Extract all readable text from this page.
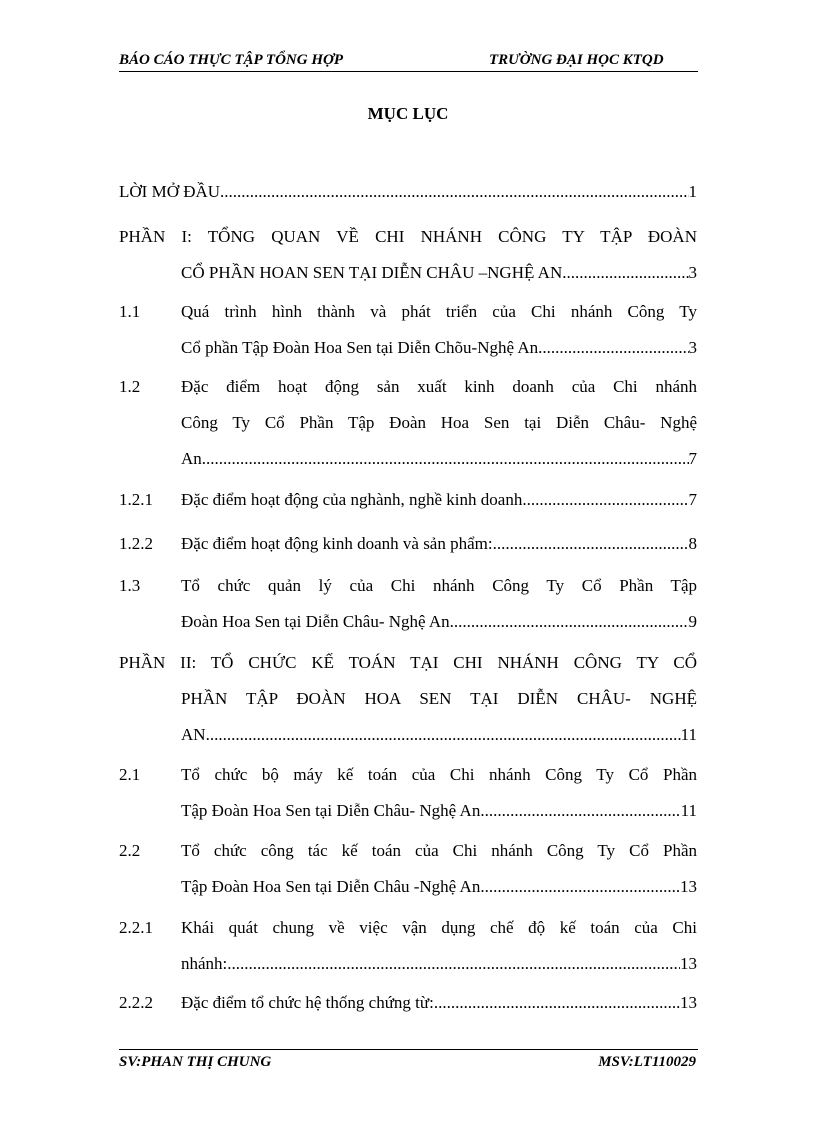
BÁO CÁO THỰC TẬP TỔNG HỢP	TRƯỜNG ĐẠI HỌC KTQD
MỤC LỤC
LỜI MỞ ĐẦU .....	1
PHẦN I: TỔNG QUAN VỀ CHI NHÁNH CÔNG TY TẬP ĐOÀN
CỔ PHẦN HOAN SEN TẠI DIỄN CHÂU –NGHỆ AN .....	3
1.1 Quá trình hình thành và phát triển của Chi nhánh Công Ty
Cổ phần Tập Đoàn Hoa Sen tại Diễn Chõu-Nghệ An .....	3
1.2 Đặc điểm hoạt động sản xuất kinh doanh của Chi nhánh
Công Ty Cổ Phần Tập Đoàn Hoa Sen tại Diễn Châu- Nghệ
An .....	7
1.2.1 Đặc điểm hoạt động của nghành, nghề kinh doanh .....	7
1.2.2 Đặc điểm hoạt động kinh doanh và sản phẩm: .....	8
1.3 Tổ chức quản lý của Chi nhánh Công Ty Cổ Phần Tập
Đoàn Hoa Sen tại Diễn Châu- Nghệ An .....	9
PHẦN II: TỔ CHỨC KẾ TOÁN TẠI CHI NHÁNH CÔNG TY CỔ
PHẦN TẬP ĐOÀN HOA SEN TẠI DIỄN CHÂU- NGHỆ
AN .....	11
2.1 Tổ chức bộ máy kế toán của Chi nhánh Công Ty Cổ Phần
Tập Đoàn Hoa Sen tại Diễn Châu- Nghệ An .....	11
2.2 Tổ chức công tác kế toán của Chi nhánh Công Ty Cổ Phần
Tập Đoàn Hoa Sen tại Diễn Châu -Nghệ An .....	13
2.2.1 Khái quát chung về việc vận dụng chế độ kế toán của Chi
nhánh: .....	13
2.2.2 Đặc điểm tổ chức hệ thống chứng từ: .....	13
SV:PHAN THỊ CHUNG	MSV:LT110029
